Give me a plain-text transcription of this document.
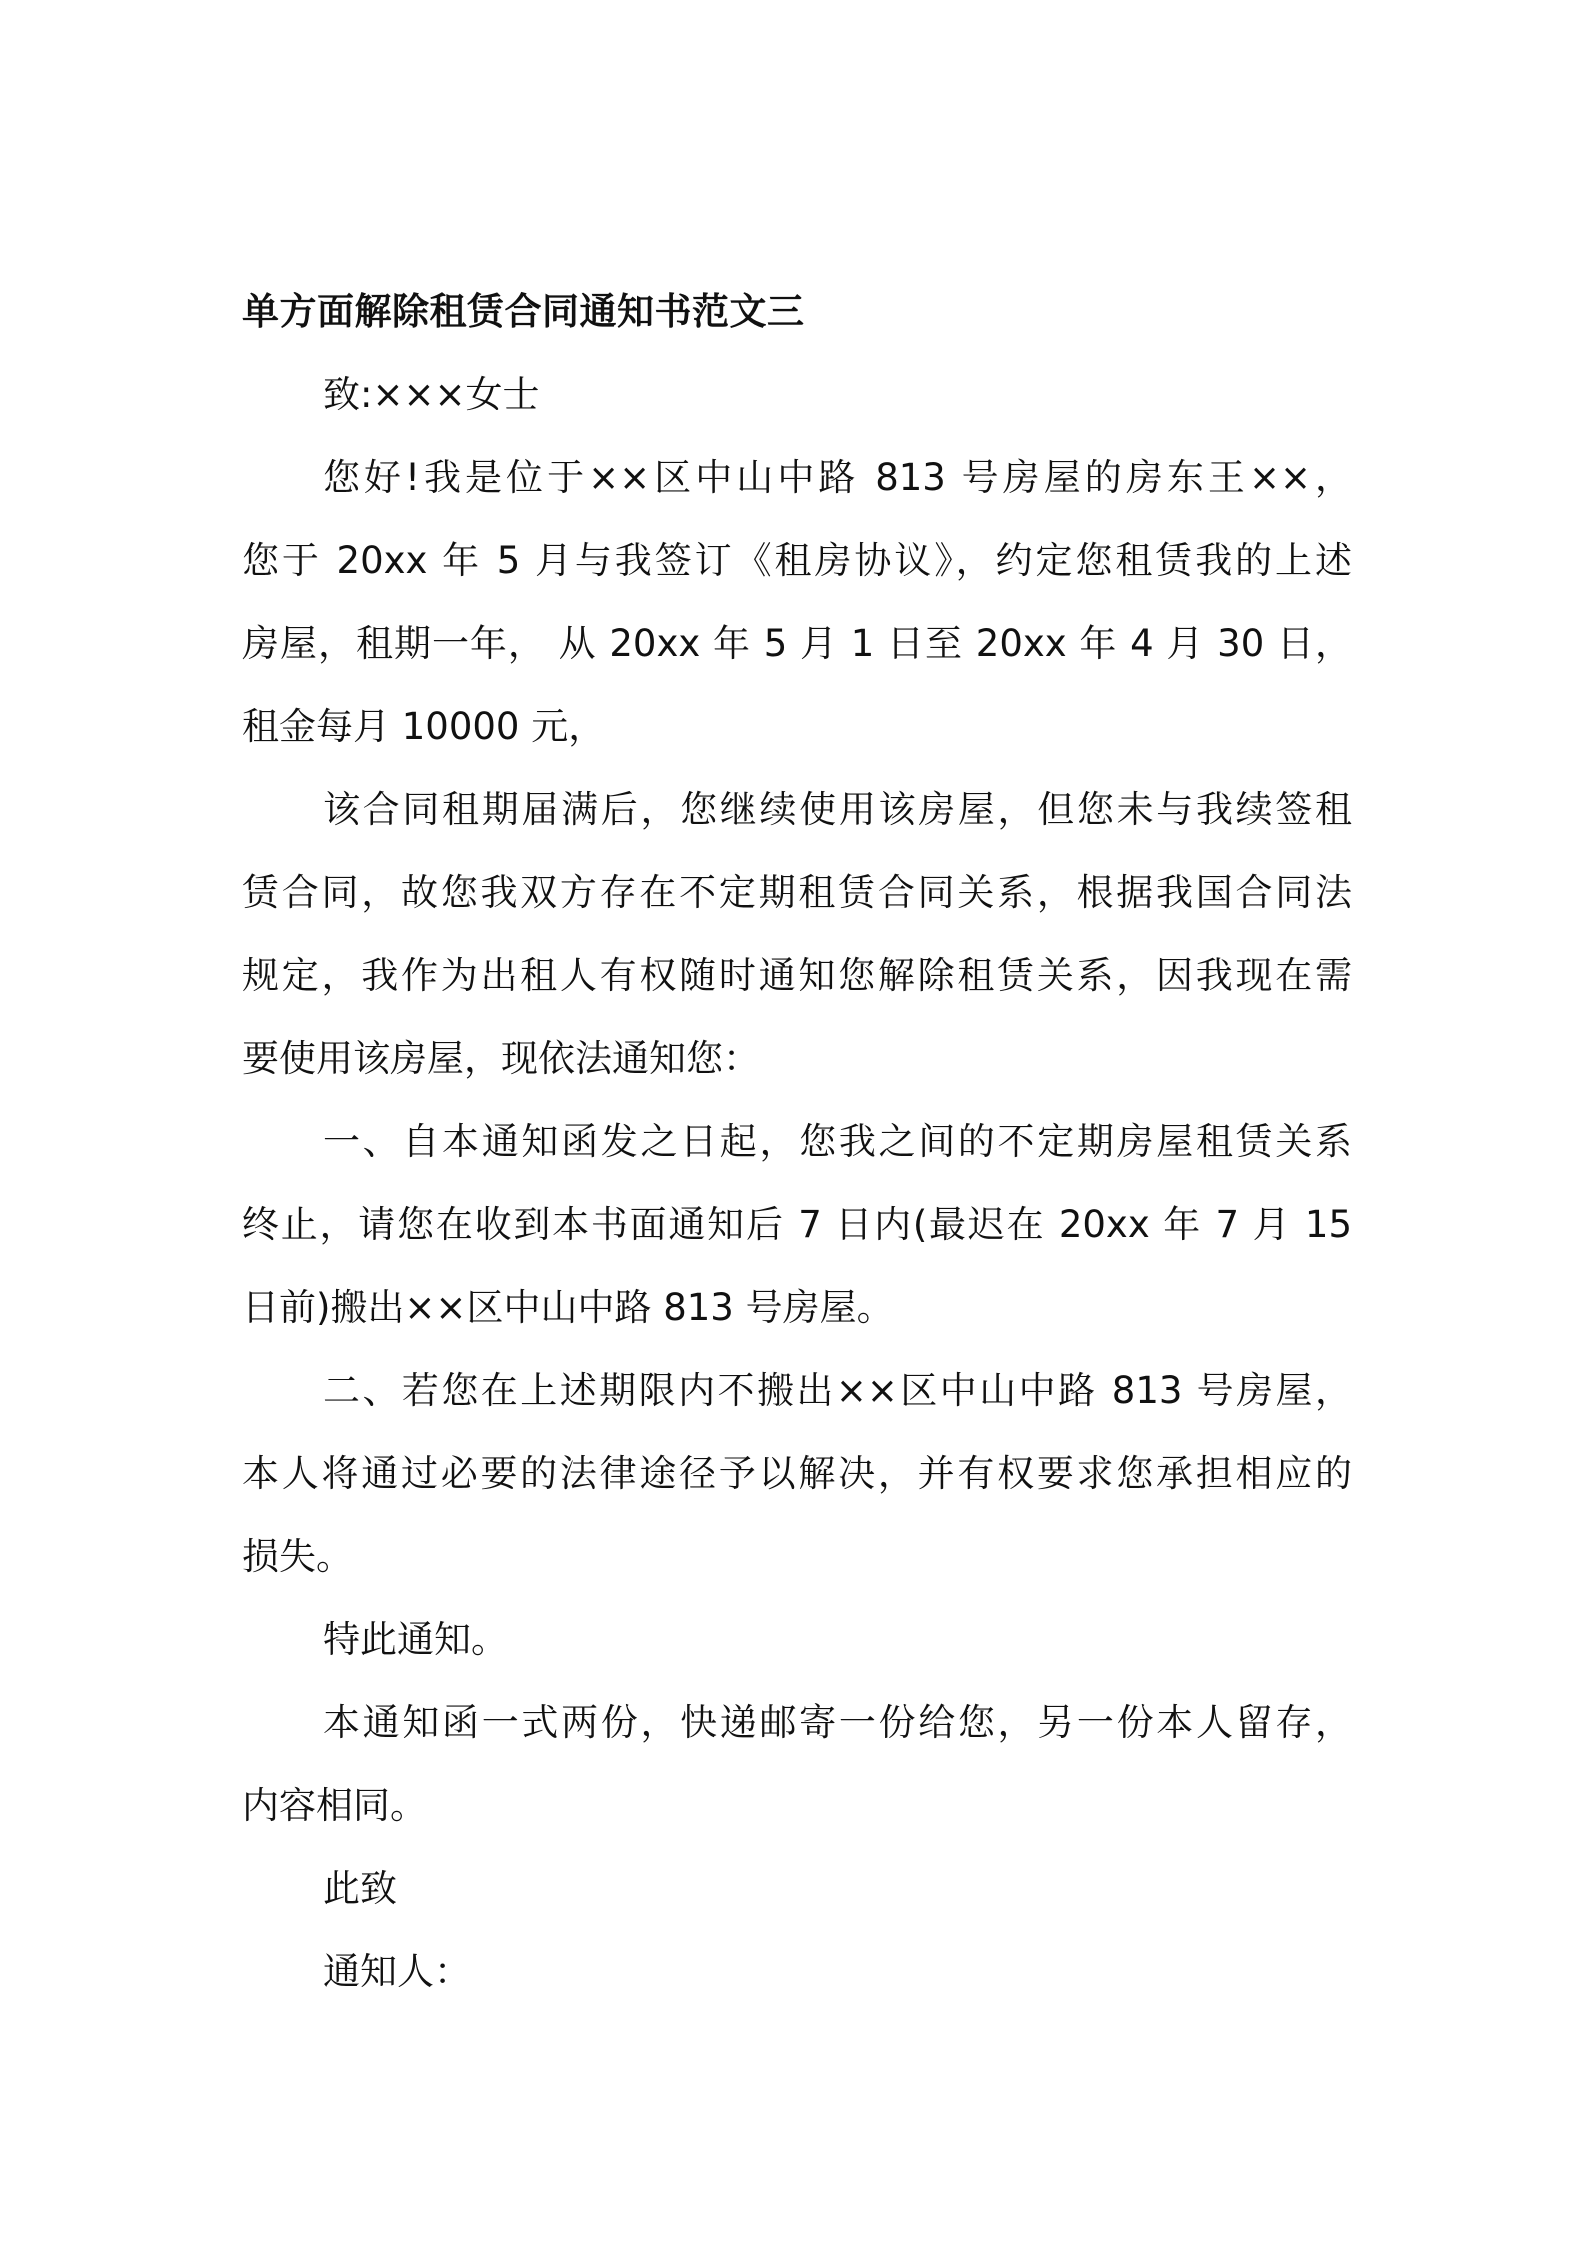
单方面解除租赁合同通知书范文三
致:×××女士
您好!我是位于××区中山中路 813 号房屋的房东王××，
您于 20xx 年 5 月与我签订《租房协议》，约定您租赁我的上述
房屋，租期一年， 从 20xx 年 5 月 1 日至 20xx 年 4 月 30 日，
租金每月 10000 元，
该合同租期届满后，您继续使用该房屋，但您未与我续签租
赁合同，故您我双方存在不定期租赁合同关系，根据我国合同法
规定，我作为出租人有权随时通知您解除租赁关系，因我现在需
要使用该房屋，现依法通知您：
一、自本通知函发之日起，您我之间的不定期房屋租赁关系
终止，请您在收到本书面通知后 7 日内(最迟在 20xx 年 7 月 15
日前)搬出××区中山中路 813 号房屋。
二、若您在上述期限内不搬出××区中山中路 813 号房屋，
本人将通过必要的法律途径予以解决，并有权要求您承担相应的
损失。
特此通知。
本通知函一式两份，快递邮寄一份给您，另一份本人留存，
内容相同。
此致
通知人：
